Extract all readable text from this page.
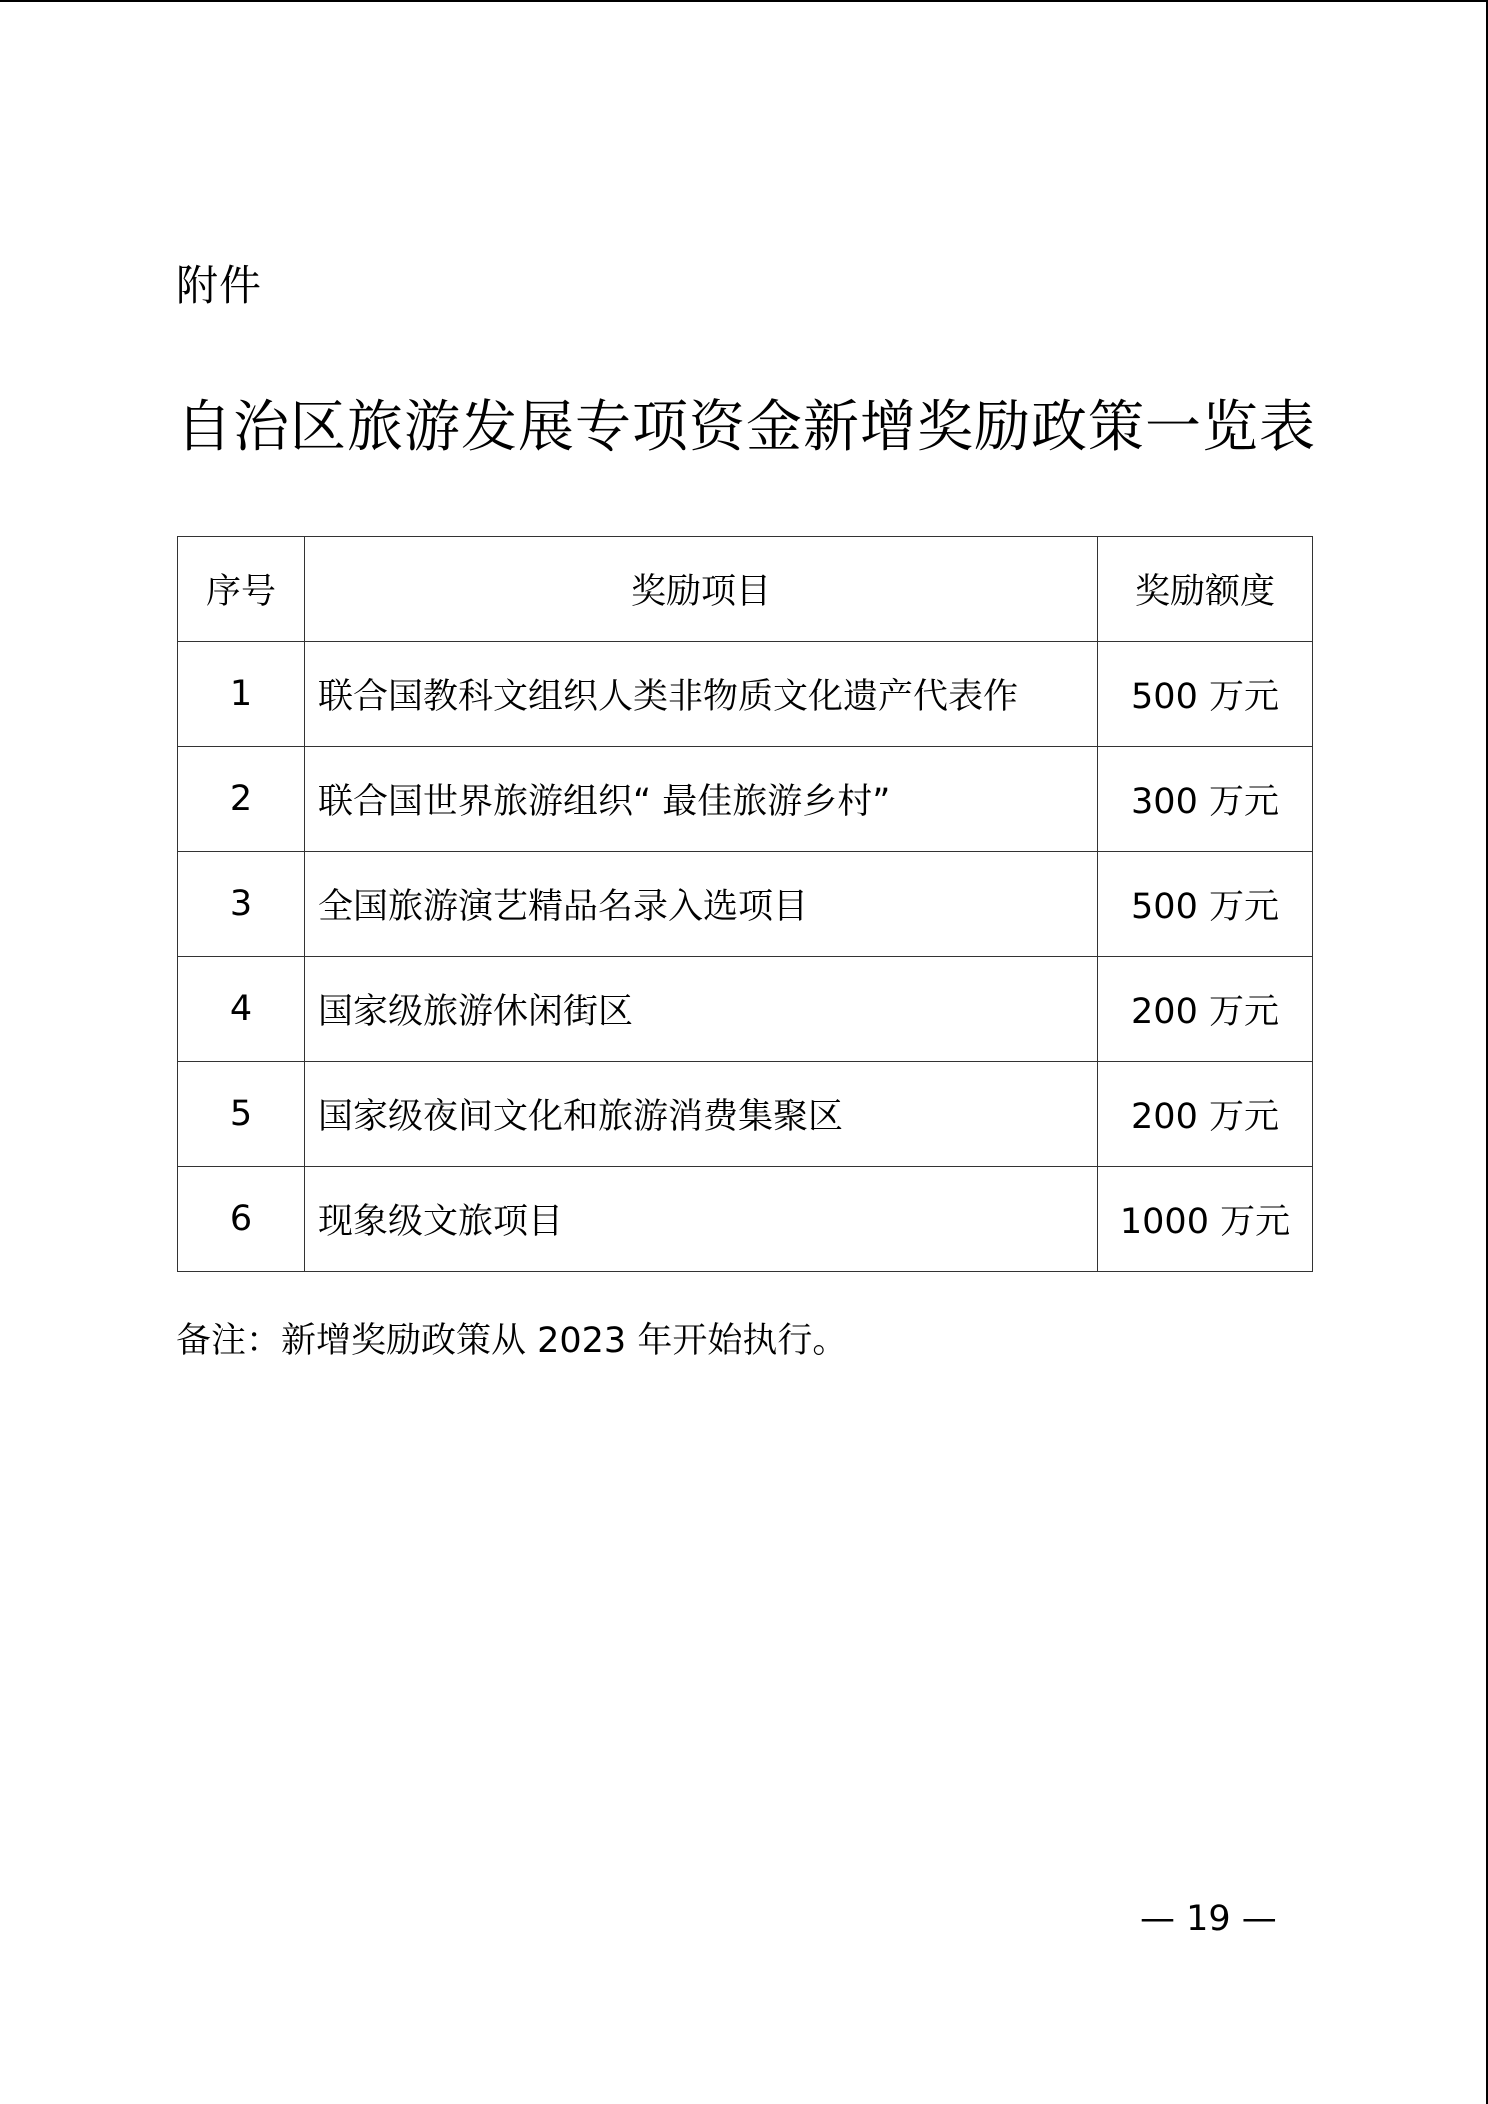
附件
自治区旅游发展专项资金新增奖励政策一览表
序号	奖励项目	奖励额度
1	联合国教科文组织人类非物质文化遗产代表作	500 万元
2	联合国世界旅游组织“ 最佳旅游乡村”	300 万元
3	全国旅游演艺精品名录入选项目	500 万元
4	国家级旅游休闲街区	200 万元
5	国家级夜间文化和旅游消费集聚区	200 万元
6	现象级文旅项目	1000 万元
备注：新增奖励政策从 2023 年开始执行。
— 19 —
